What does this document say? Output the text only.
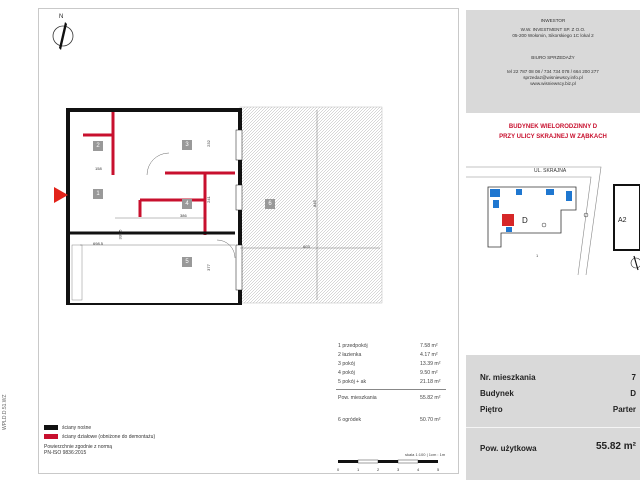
WPLD.D.51.WZ
N
2	3
1
4
5
6
158
386
698.5
603
232
241
335.5
377
845
1 przedpokój	7.58 m²
2 łazienka	4.17 m²
3 pokój	13.39 m²
4 pokój	9.50 m²
5 pokój + ak	21.18 m²
Pow. mieszkania	55.82 m²
6 ogródek	50.70 m²
ściany nośne
ściany działowe (obniżone do demontażu)
Powierzchnie zgodnie z normą PN-ISO 9836:2015	skala 1:100 | 1cm : 1m
0	1	2	3	4	5
INWESTOR
W.W. INVESTMENT SP. Z O.O.
05-200 Wołomin, Sikorskiego 1C lokal 2
BIURO SPRZEDAŻY
tel 22 787 08 08 / 734 734 078 / 664 200 277
sprzedaz@wisniewscy.info.pl
www.wisniewscy.biz.pl
BUDYNEK WIELORODZINNY D
PRZY ULICY SKRAJNEJ W ZĄBKACH
UL. SKRAJNA
D	A2
1
Nr. mieszkania	7
Budynek	D
Piętro	Parter
Pow. użytkowa	55.82 m²
